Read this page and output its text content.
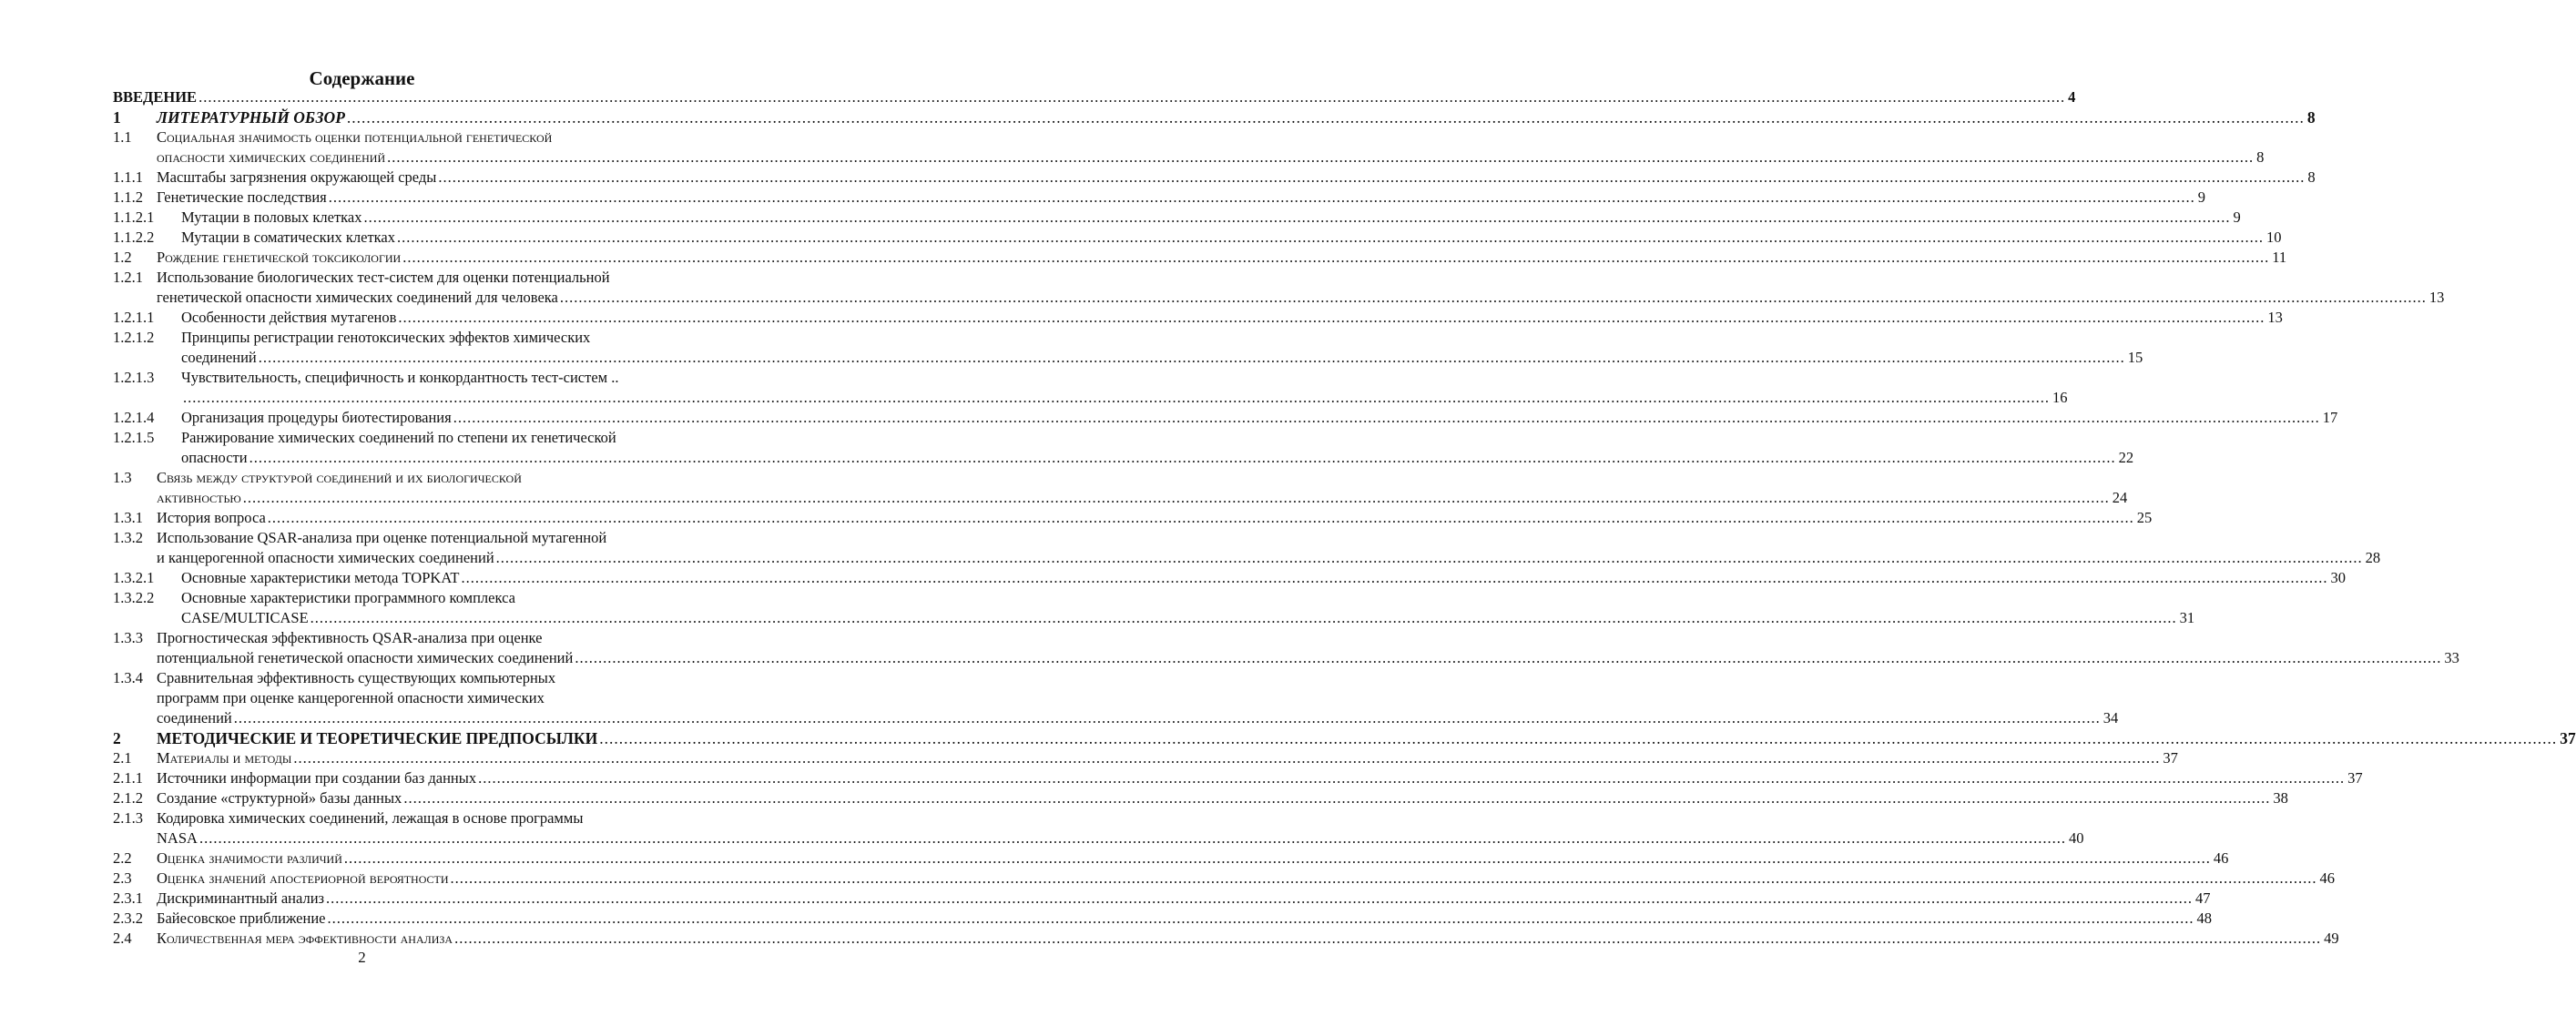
Содержание
ВВЕДЕНИЕ ................................................................................................................................................................................................................................................................................................................................................................................................................ 4
1 ЛИТЕРАТУРНЫЙ ОБЗОР ................................................................................................................................................................................................................................................................................................................................................................................................................ 8
1.1 Социальная значимость оценки потенциальной генетической
опасности химических соединений ................................................................................................................................................................................................................................................................................................................................................................................................................ 8
1.1.1 Масштабы загрязнения окружающей среды ................................................................................................................................................................................................................................................................................................................................................................................................................ 8
1.1.2 Генетические последствия ................................................................................................................................................................................................................................................................................................................................................................................................................ 9
1.1.2.1 Мутации в половых клетках ................................................................................................................................................................................................................................................................................................................................................................................................................ 9
1.1.2.2 Мутации в соматических клетках ................................................................................................................................................................................................................................................................................................................................................................................................................ 10
1.2 Рождение генетической токсикологии ................................................................................................................................................................................................................................................................................................................................................................................................................ 11
1.2.1 Использование биологических тест-систем для оценки потенциальной
генетической опасности химических соединений для человека ................................................................................................................................................................................................................................................................................................................................................................................................................ 13
1.2.1.1 Особенности действия мутагенов ................................................................................................................................................................................................................................................................................................................................................................................................................ 13
1.2.1.2 Принципы регистрации генотоксических эффектов химических
соединений ................................................................................................................................................................................................................................................................................................................................................................................................................ 15
1.2.1.3 Чувствительность, специфичность и конкордантность тест-систем ..
................................................................................................................................................................................................................................................................................................................................................................................................................ 16
1.2.1.4 Организация процедуры биотестирования ................................................................................................................................................................................................................................................................................................................................................................................................................ 17
1.2.1.5 Ранжирование химических соединений по степени их генетической
опасности ................................................................................................................................................................................................................................................................................................................................................................................................................ 22
1.3 Связь между структурой соединений и их биологической
активностью ................................................................................................................................................................................................................................................................................................................................................................................................................ 24
1.3.1 История вопроса ................................................................................................................................................................................................................................................................................................................................................................................................................ 25
1.3.2 Использование QSAR-анализа при оценке потенциальной мутагенной
и канцерогенной опасности химических соединений ................................................................................................................................................................................................................................................................................................................................................................................................................ 28
1.3.2.1 Основные характеристики метода TOPKAT ................................................................................................................................................................................................................................................................................................................................................................................................................ 30
1.3.2.2 Основные характеристики программного комплекса
CASE/MULTICASE ................................................................................................................................................................................................................................................................................................................................................................................................................ 31
1.3.3 Прогностическая эффективность QSAR-анализа при оценке
потенциальной генетической опасности химических соединений ................................................................................................................................................................................................................................................................................................................................................................................................................ 33
1.3.4 Сравнительная эффективность существующих компьютерных
программ при оценке канцерогенной опасности химических
соединений ................................................................................................................................................................................................................................................................................................................................................................................................................ 34
2 МЕТОДИЧЕСКИЕ И ТЕОРЕТИЧЕСКИЕ ПРЕДПОСЫЛКИ ................................................................................................................................................................................................................................................................................................................................................................................................................ 37
2.1 Материалы и методы ................................................................................................................................................................................................................................................................................................................................................................................................................ 37
2.1.1 Источники информации при создании баз данных ................................................................................................................................................................................................................................................................................................................................................................................................................ 37
2.1.2 Создание «структурной» базы данных ................................................................................................................................................................................................................................................................................................................................................................................................................ 38
2.1.3 Кодировка химических соединений, лежащая в основе программы
NASA ................................................................................................................................................................................................................................................................................................................................................................................................................ 40
2.2 Оценка значимости различий ................................................................................................................................................................................................................................................................................................................................................................................................................ 46
2.3 Оценка значений апостериорной вероятности ................................................................................................................................................................................................................................................................................................................................................................................................................ 46
2.3.1 Дискриминантный анализ ................................................................................................................................................................................................................................................................................................................................................................................................................ 47
2.3.2 Байесовское приближение ................................................................................................................................................................................................................................................................................................................................................................................................................ 48
2.4 Количественная мера эффективности анализа ................................................................................................................................................................................................................................................................................................................................................................................................................ 49
2
